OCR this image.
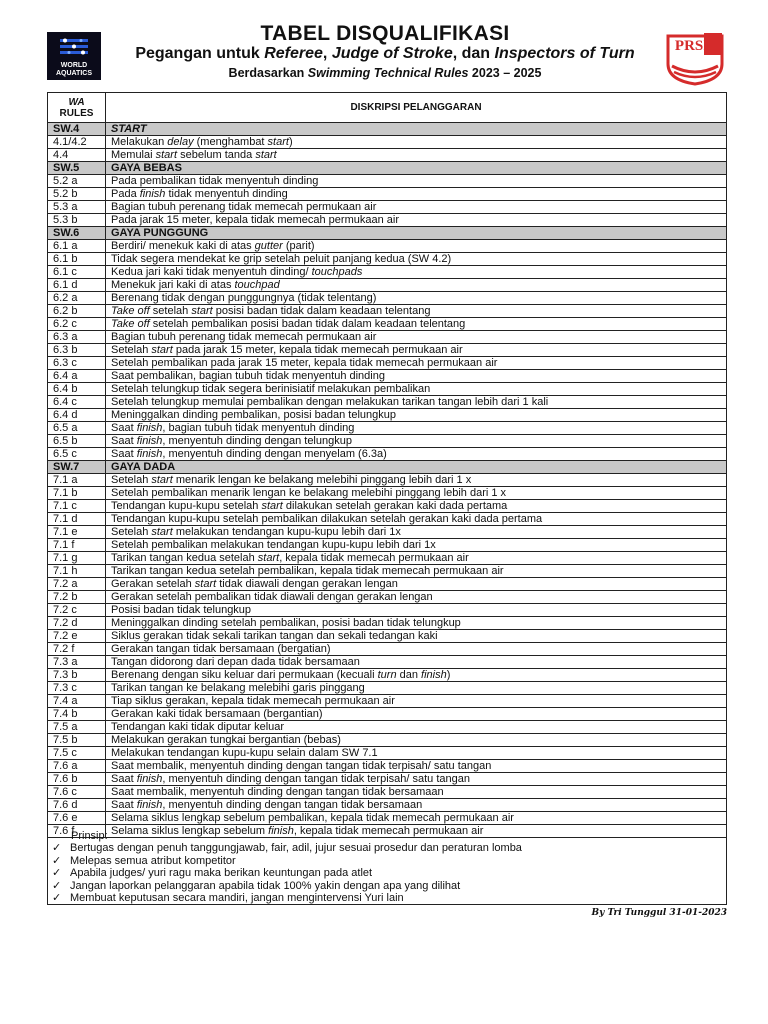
WORLD
AQUATICS
TABEL DISQUALIFIKASI
Pegangan untuk Referee, Judge of Stroke, dan Inspectors of Turn
Berdasarkan Swimming Technical Rules 2023 – 2025
PRSI
WA
RULES	DISKRIPSI PELANGGARAN
SW.4	START
4.1/4.2	Melakukan delay (menghambat start)
4.4	Memulai start sebelum tanda start
SW.5	GAYA BEBAS
5.2 a	Pada pembalikan tidak menyentuh dinding
5.2 b	Pada finish tidak menyentuh dinding
5.3 a	Bagian tubuh perenang tidak memecah permukaan air
5.3 b	Pada jarak 15 meter, kepala tidak memecah permukaan air
SW.6	GAYA PUNGGUNG
6.1 a	Berdiri/ menekuk kaki di atas gutter (parit)
6.1 b	Tidak segera mendekat ke grip setelah peluit panjang kedua (SW 4.2)
6.1 c	Kedua jari kaki tidak menyentuh dinding/ touchpads
6.1 d	Menekuk jari kaki di atas touchpad
6.2 a	Berenang tidak dengan punggungnya (tidak telentang)
6.2 b	Take off setelah start posisi badan tidak dalam keadaan telentang
6.2 c	Take off setelah pembalikan posisi badan tidak dalam keadaan telentang
6.3 a	Bagian tubuh perenang tidak memecah permukaan air
6.3 b	Setelah start pada jarak 15 meter, kepala tidak memecah permukaan air
6.3 c	Setelah pembalikan pada jarak 15 meter, kepala tidak memecah permukaan air
6.4 a	Saat pembalikan, bagian tubuh tidak menyentuh dinding
6.4 b	Setelah telungkup tidak segera berinisiatif melakukan pembalikan
6.4 c	Setelah telungkup memulai pembalikan dengan melakukan tarikan tangan lebih dari 1 kali
6.4 d	Meninggalkan dinding pembalikan, posisi badan telungkup
6.5 a	Saat finish, bagian tubuh tidak menyentuh dinding
6.5 b	Saat finish, menyentuh dinding dengan telungkup
6.5 c	Saat finish, menyentuh dinding dengan menyelam (6.3a)
SW.7	GAYA DADA
7.1 a	Setelah start menarik lengan ke belakang melebihi pinggang lebih dari 1 x
7.1 b	Setelah pembalikan menarik lengan ke belakang melebihi pinggang lebih dari 1 x
7.1 c	Tendangan kupu-kupu setelah start dilakukan setelah gerakan kaki dada pertama
7.1 d	Tendangan kupu-kupu setelah pembalikan dilakukan setelah gerakan kaki dada pertama
7.1 e	Setelah start melakukan tendangan kupu-kupu lebih dari 1x
7.1 f	Setelah pembalikan melakukan tendangan kupu-kupu lebih dari 1x
7.1 g	Tarikan tangan kedua setelah start, kepala tidak memecah permukaan air
7.1 h	Tarikan tangan kedua setelah pembalikan, kepala tidak memecah permukaan air
7.2 a	Gerakan setelah start tidak diawali dengan gerakan lengan
7.2 b	Gerakan setelah pembalikan tidak diawali dengan gerakan lengan
7.2 c	Posisi badan tidak telungkup
7.2 d	Meninggalkan dinding setelah pembalikan, posisi badan tidak telungkup
7.2 e	Siklus gerakan tidak sekali tarikan tangan dan sekali tedangan kaki
7.2 f	Gerakan tangan tidak bersamaan (bergatian)
7.3 a	Tangan didorong dari depan dada tidak bersamaan
7.3 b	Berenang dengan siku keluar dari permukaan (kecuali turn dan finish)
7.3 c	Tarikan tangan ke belakang melebihi garis pinggang
7.4 a	Tiap siklus gerakan, kepala tidak memecah permukaan air
7.4 b	Gerakan kaki tidak bersamaan (bergantian)
7.5 a	Tendangan kaki tidak diputar keluar
7.5 b	Melakukan gerakan tungkai bergantian (bebas)
7.5 c	Melakukan tendangan kupu-kupu selain dalam SW 7.1
7.6 a	Saat membalik, menyentuh dinding dengan tangan tidak terpisah/ satu tangan
7.6 b	Saat finish, menyentuh dinding dengan tangan tidak terpisah/ satu tangan
7.6 c	Saat membalik, menyentuh dinding dengan tangan tidak bersamaan
7.6 d	Saat finish, menyentuh dinding dengan tangan tidak bersamaan
7.6 e	Selama siklus lengkap sebelum pembalikan, kepala tidak memecah permukaan air
7.6 f	Selama siklus lengkap sebelum finish, kepala tidak memecah permukaan air
Prinsip:
✓ Bertugas dengan penuh tanggungjawab, fair, adil, jujur sesuai prosedur dan peraturan lomba
✓ Melepas semua atribut kompetitor
✓ Apabila judges/ yuri ragu maka berikan keuntungan pada atlet
✓ Jangan laporkan pelanggaran apabila tidak 100% yakin dengan apa yang dilihat
✓ Membuat keputusan secara mandiri, jangan mengintervensi Yuri lain
By Tri Tunggul 31-01-2023
